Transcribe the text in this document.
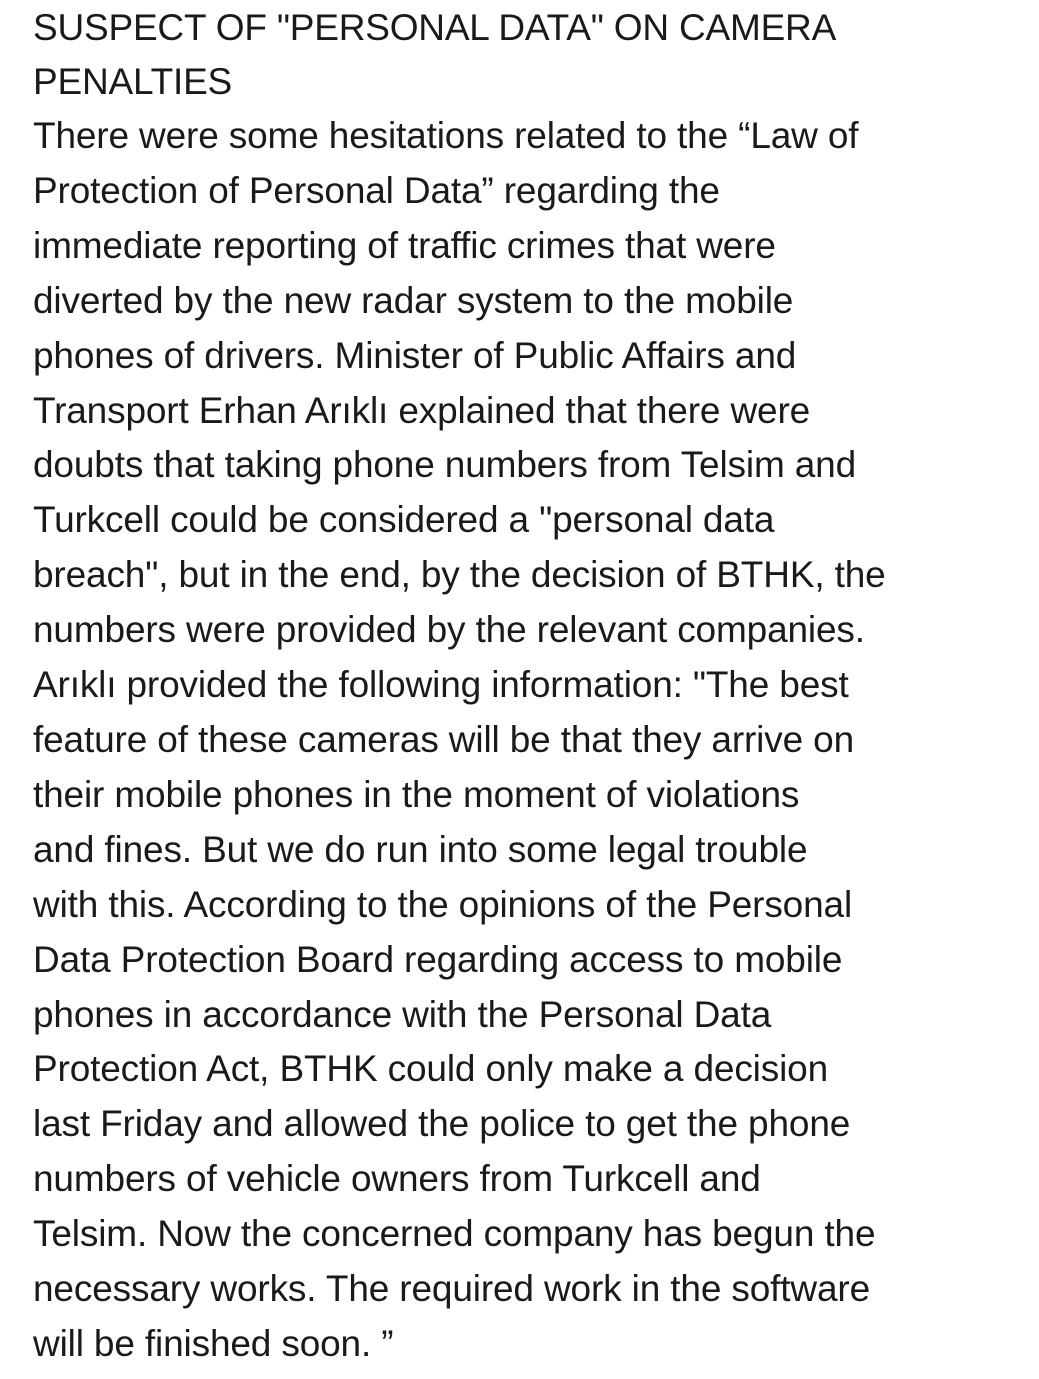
SUSPECT OF "PERSONAL DATA" ON CAMERA
PENALTIES

There were some hesitations related to the “Law of
Protection of Personal Data” regarding the
immediate reporting of traffic crimes that were
diverted by the new radar system to the mobile
phones of drivers. Minister of Public Affairs and
Transport Erhan Arıklı explained that there were
doubts that taking phone numbers from Telsim and
Turkcell could be considered a "personal data
breach", but in the end, by the decision of BTHK, the
numbers were provided by the relevant companies.
Arıklı provided the following information: "The best
feature of these cameras will be that they arrive on
their mobile phones in the moment of violations
and fines. But we do run into some legal trouble
with this. According to the opinions of the Personal
Data Protection Board regarding access to mobile
phones in accordance with the Personal Data
Protection Act, BTHK could only make a decision
last Friday and allowed the police to get the phone
numbers of vehicle owners from Turkcell and
Telsim. Now the concerned company has begun the
necessary works. The required work in the software
will be finished soon. ”
